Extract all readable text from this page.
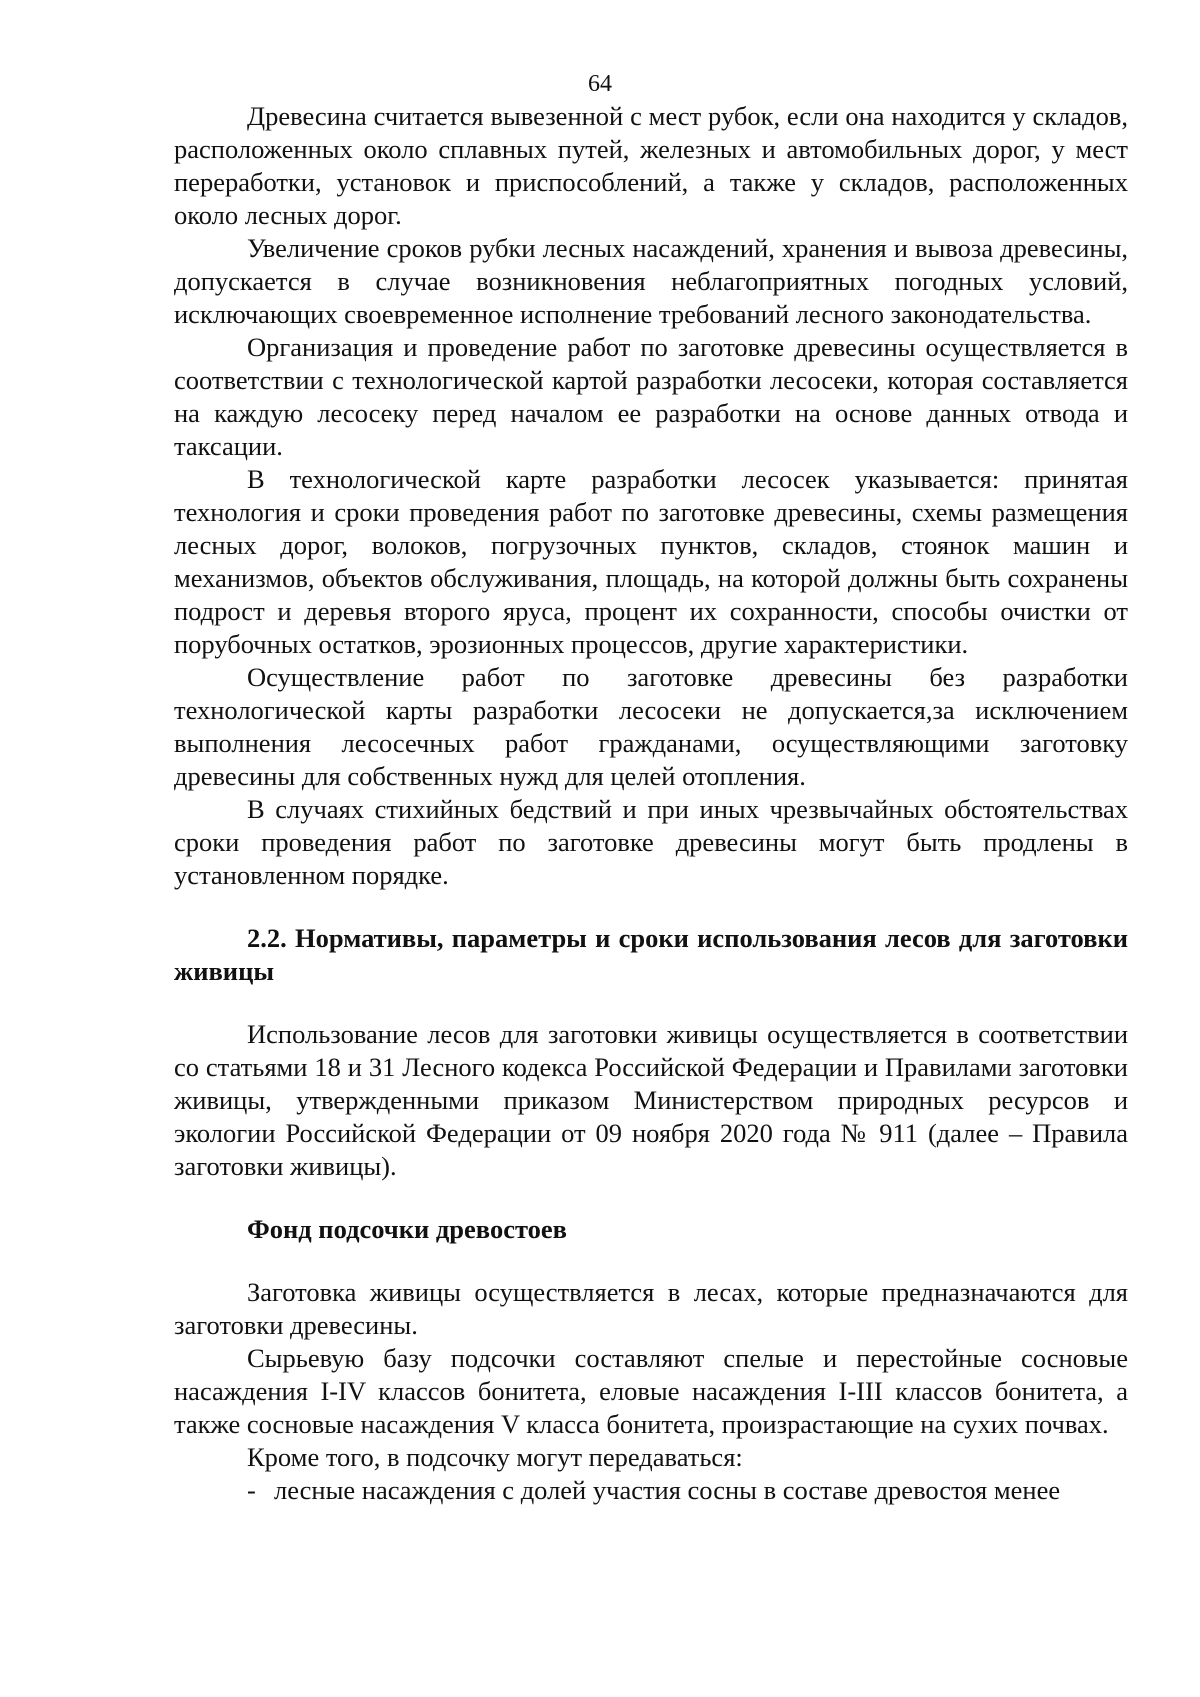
64

Древесина считается вывезенной с мест рубок, если она находится у складов, расположенных около сплавных путей, железных и автомобильных дорог, у мест переработки, установок и приспособлений, а также у складов, расположенных около лесных дорог.

Увеличение сроков рубки лесных насаждений, хранения и вывоза древесины, допускается в случае возникновения неблагоприятных погодных условий, исключающих своевременное исполнение требований лесного законодательства.

Организация и проведение работ по заготовке древесины осуществляется в соответствии с технологической картой разработки лесосеки, которая составляется на каждую лесосеку перед началом ее разработки на основе данных отвода и таксации.

В технологической карте разработки лесосек указывается: принятая технология и сроки проведения работ по заготовке древесины, схемы размещения лесных дорог, волоков, погрузочных пунктов, складов, стоянок машин и механизмов, объектов обслуживания, площадь, на которой должны быть сохранены подрост и деревья второго яруса, процент их сохранности, способы очистки от порубочных остатков, эрозионных процессов, другие характеристики.

Осуществление работ по заготовке древесины без разработки технологической карты разработки лесосеки не допускается,за исключением выполнения лесосечных работ гражданами, осуществляющими заготовку древесины для собственных нужд для целей отопления.

В случаях стихийных бедствий и при иных чрезвычайных обстоятельствах сроки проведения работ по заготовке древесины могут быть продлены в установленном порядке.

2.2. Нормативы, параметры и сроки использования лесов для заготовки живицы

Использование лесов для заготовки живицы осуществляется в соответствии со статьями 18 и 31 Лесного кодекса Российской Федерации и Правилами заготовки живицы, утвержденными приказом Министерством природных ресурсов и экологии Российской Федерации от 09 ноября 2020 года № 911 (далее – Правила заготовки живицы).

Фонд подсочки древостоев

Заготовка живицы осуществляется в лесах, которые предназначаются для заготовки древесины.

Сырьевую базу подсочки составляют спелые и перестойные сосновые насаждения I-IV классов бонитета, еловые насаждения I-III классов бонитета, а также сосновые насаждения V класса бонитета, произрастающие на сухих почвах.

Кроме того, в подсочку могут передаваться:

- лесные насаждения с долей участия сосны в составе древостоя менее
